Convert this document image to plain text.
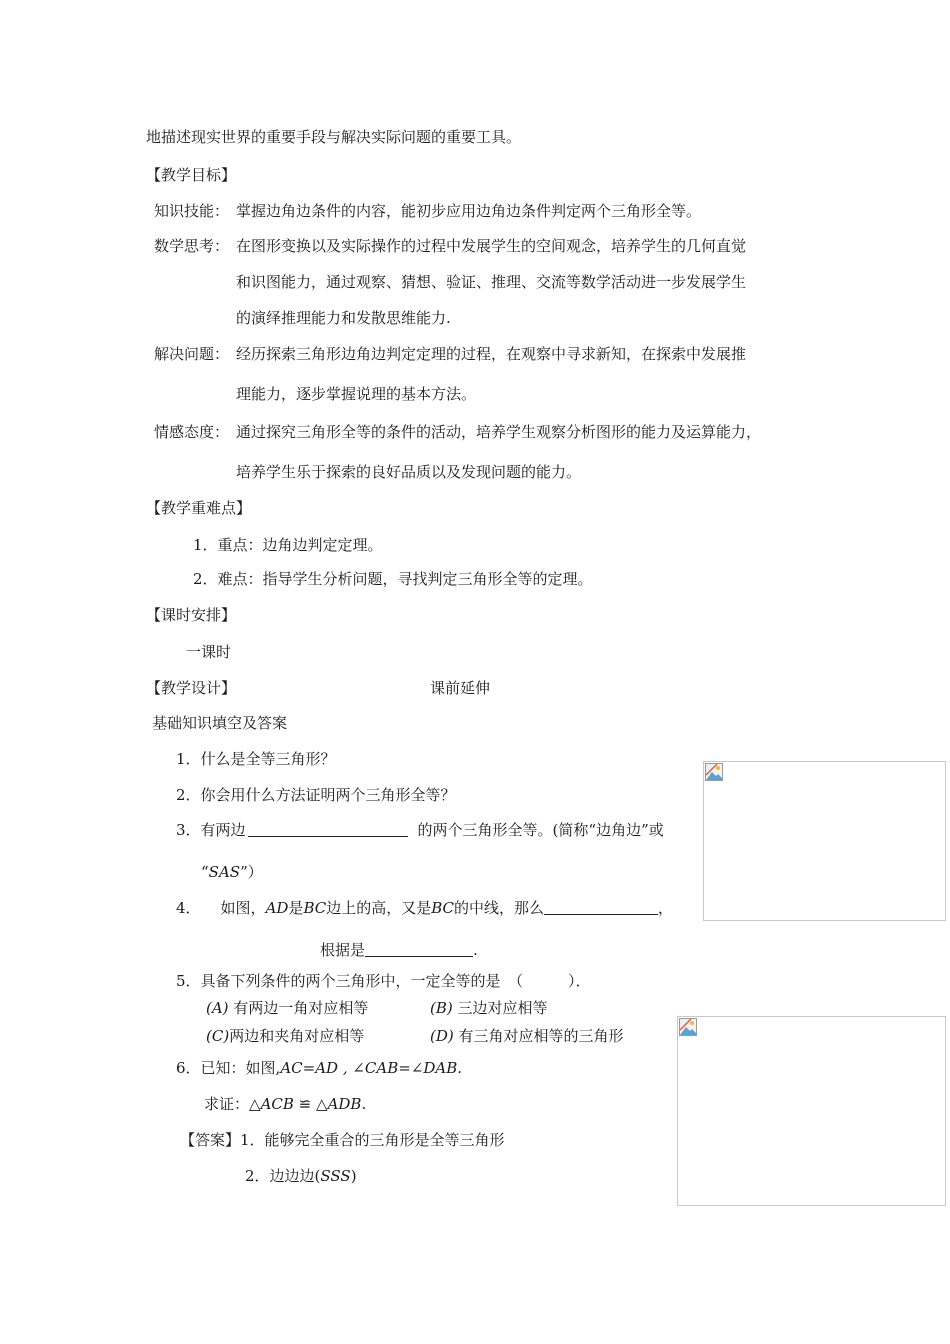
地描述现实世界的重要手段与解决实际问题的重要工具。
【教学目标】
知识技能： 掌握边角边条件的内容，能初步应用边角边条件判定两个三角形全等。
数学思考： 在图形变换以及实际操作的过程中发展学生的空间观念，培养学生的几何直觉
和识图能力，通过观察、猜想、验证、推理、交流等数学活动进一步发展学生
的演绎推理能力和发散思维能力.
解决问题： 经历探索三角形边角边判定定理的过程，在观察中寻求新知，在探索中发展推
理能力，逐步掌握说理的基本方法。
情感态度： 通过探究三角形全等的条件的活动，培养学生观察分析图形的能力及运算能力，
培养学生乐于探索的良好品质以及发现问题的能力。
【教学重难点】
1．重点：边角边判定定理。
2．难点：指导学生分析问题，寻找判定三角形全等的定理。
【课时安排】
一课时
【教学设计】	课前延伸
基础知识填空及答案
1．什么是全等三角形？
2．你会用什么方法证明两个三角形全等？
3．有两边	的两个三角形全等。(简称“边角边”或
“SAS”）
4． 如图，AD是BC边上的高，又是BC的中线，那么	，
根据是	.
5．具备下列条件的两个三角形中，一定全等的是　（　　　）．
(A) 有两边一角对应相等	(B) 三边对应相等
(C)两边和夹角对应相等	(D) 有三角对应相等的三角形
6．已知：如图,AC=AD , ∠CAB=∠DAB.
求证：△ACB ≌ △ADB.
【答案】1．能够完全重合的三角形是全等三角形
2．边边边(SSS)
